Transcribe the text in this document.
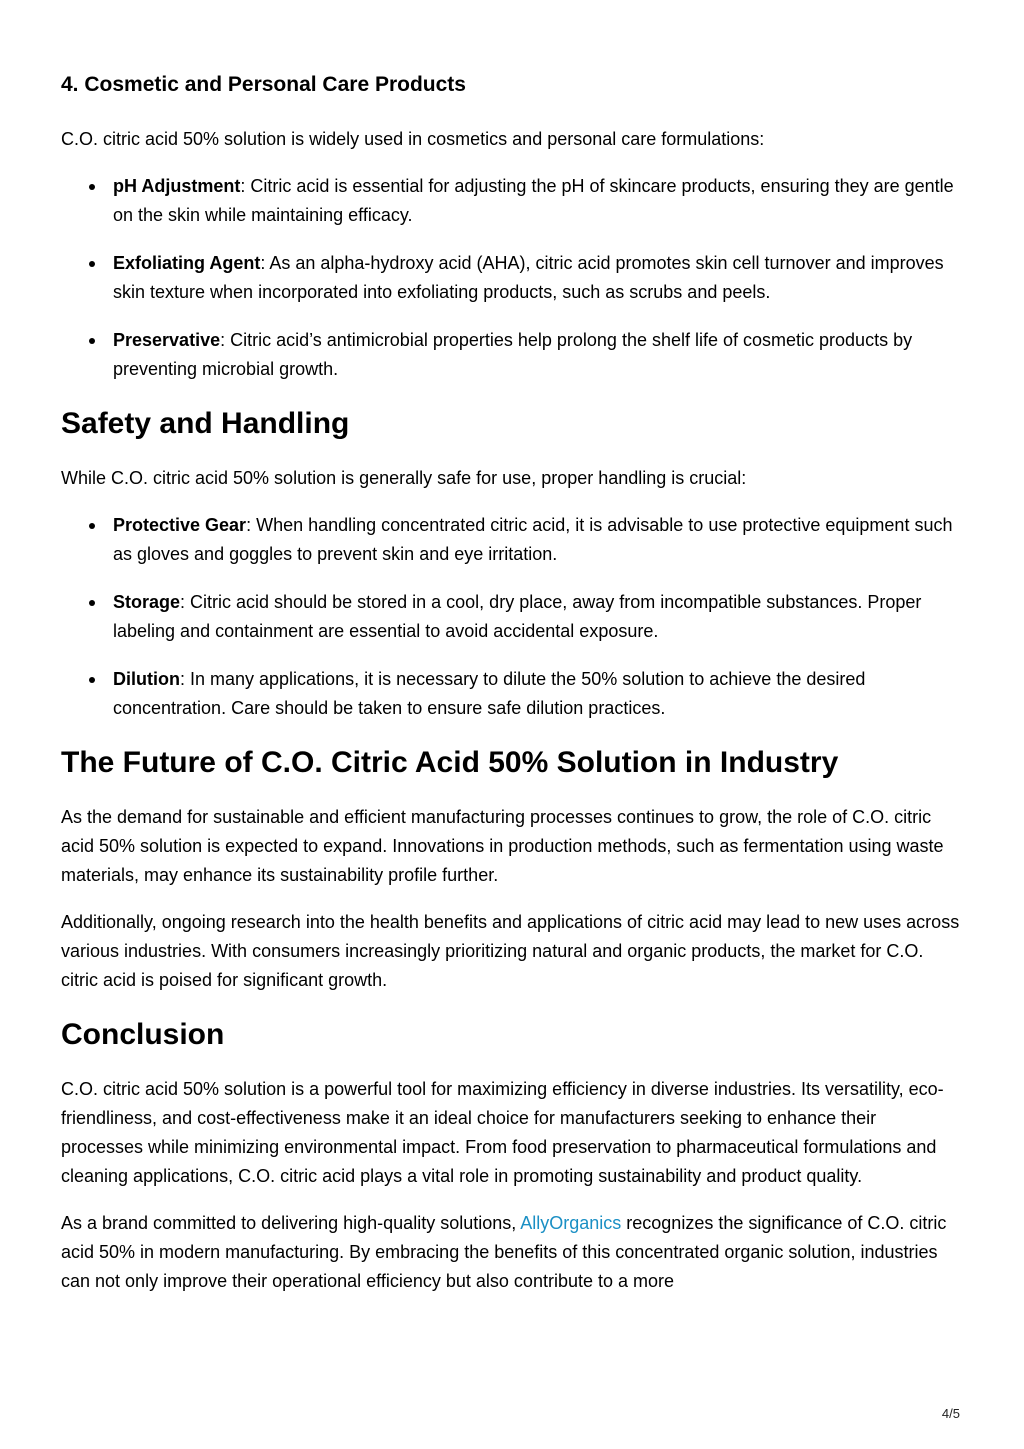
4. Cosmetic and Personal Care Products

C.O. citric acid 50% solution is widely used in cosmetics and personal care formulations:

pH Adjustment: Citric acid is essential for adjusting the pH of skincare products, ensuring they are gentle on the skin while maintaining efficacy.
Exfoliating Agent: As an alpha-hydroxy acid (AHA), citric acid promotes skin cell turnover and improves skin texture when incorporated into exfoliating products, such as scrubs and peels.
Preservative: Citric acid’s antimicrobial properties help prolong the shelf life of cosmetic products by preventing microbial growth.
Safety and Handling

While C.O. citric acid 50% solution is generally safe for use, proper handling is crucial:

Protective Gear: When handling concentrated citric acid, it is advisable to use protective equipment such as gloves and goggles to prevent skin and eye irritation.
Storage: Citric acid should be stored in a cool, dry place, away from incompatible substances. Proper labeling and containment are essential to avoid accidental exposure.
Dilution: In many applications, it is necessary to dilute the 50% solution to achieve the desired concentration. Care should be taken to ensure safe dilution practices.
The Future of C.O. Citric Acid 50% Solution in Industry

As the demand for sustainable and efficient manufacturing processes continues to grow, the role of C.O. citric acid 50% solution is expected to expand. Innovations in production methods, such as fermentation using waste materials, may enhance its sustainability profile further.

Additionally, ongoing research into the health benefits and applications of citric acid may lead to new uses across various industries. With consumers increasingly prioritizing natural and organic products, the market for C.O. citric acid is poised for significant growth.

Conclusion

C.O. citric acid 50% solution is a powerful tool for maximizing efficiency in diverse industries. Its versatility, eco-friendliness, and cost-effectiveness make it an ideal choice for manufacturers seeking to enhance their processes while minimizing environmental impact. From food preservation to pharmaceutical formulations and cleaning applications, C.O. citric acid plays a vital role in promoting sustainability and product quality.

As a brand committed to delivering high-quality solutions, AllyOrganics recognizes the significance of C.O. citric acid 50% in modern manufacturing. By embracing the benefits of this concentrated organic solution, industries can not only improve their operational efficiency but also contribute to a more

4/5
